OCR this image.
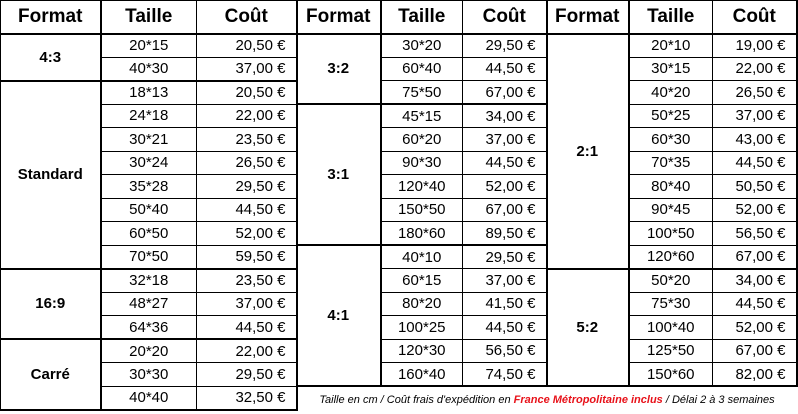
Format	Taille	Coût
4:3	20*15	20,50 €
	40*30	37,00 €
Standard	18*13	20,50 €
	24*18	22,00 €
	30*21	23,50 €
	30*24	26,50 €
	35*28	29,50 €
	50*40	44,50 €
	60*50	52,00 €
	70*50	59,50 €
16:9	32*18	23,50 €
	48*27	37,00 €
	64*36	44,50 €
Carré	20*20	22,00 €
	30*30	29,50 €
	40*40	32,50 €
Format	Taille	Coût
3:2	30*20	29,50 €
	60*40	44,50 €
	75*50	67,00 €
3:1	45*15	34,00 €
	60*20	37,00 €
	90*30	44,50 €
	120*40	52,00 €
	150*50	67,00 €
	180*60	89,50 €
4:1	40*10	29,50 €
	60*15	37,00 €
	80*20	41,50 €
	100*25	44,50 €
	120*30	56,50 €
	160*40	74,50 €
Format	Taille	Coût
2:1	20*10	19,00 €
	30*15	22,00 €
	40*20	26,50 €
	50*25	37,00 €
	60*30	43,00 €
	70*35	44,50 €
	80*40	50,50 €
	90*45	52,00 €
	100*50	56,50 €
	120*60	67,00 €
5:2	50*20	34,00 €
	75*30	44,50 €
	100*40	52,00 €
	125*50	67,00 €
	150*60	82,00 €
Taille en cm / Coût frais d'expédition en France Métropolitaine inclus / Délai 2 à 3 semaines
